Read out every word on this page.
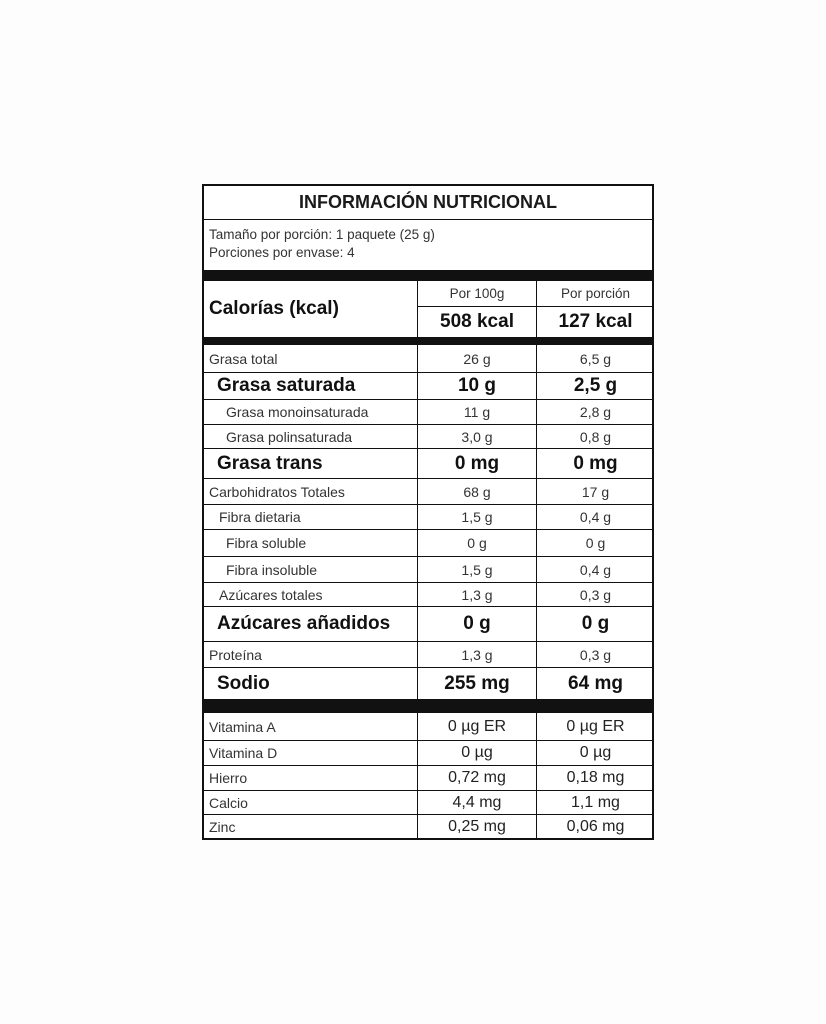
INFORMACIÓN NUTRICIONAL
Tamaño por porción: 1 paquete (25 g)
Porciones por envase: 4
Calorías (kcal)
Por 100g	Por porción
508 kcal	127 kcal
Grasa total	26 g	6,5 g
Grasa saturada	10 g	2,5 g
Grasa monoinsaturada	11 g	2,8 g
Grasa polinsaturada	3,0 g	0,8 g
Grasa trans	0 mg	0 mg
Carbohidratos Totales	68 g	17 g
Fibra dietaria	1,5 g	0,4 g
Fibra soluble	0 g	0 g
Fibra insoluble	1,5 g	0,4 g
Azúcares totales	1,3 g	0,3 g
Azúcares añadidos	0 g	0 g
Proteína	1,3 g	0,3 g
Sodio	255 mg	64 mg
Vitamina A	0 µg ER	0 µg ER
Vitamina D	0 µg	0 µg
Hierro	0,72 mg	0,18 mg
Calcio	4,4 mg	1,1 mg
Zinc	0,25 mg	0,06 mg
